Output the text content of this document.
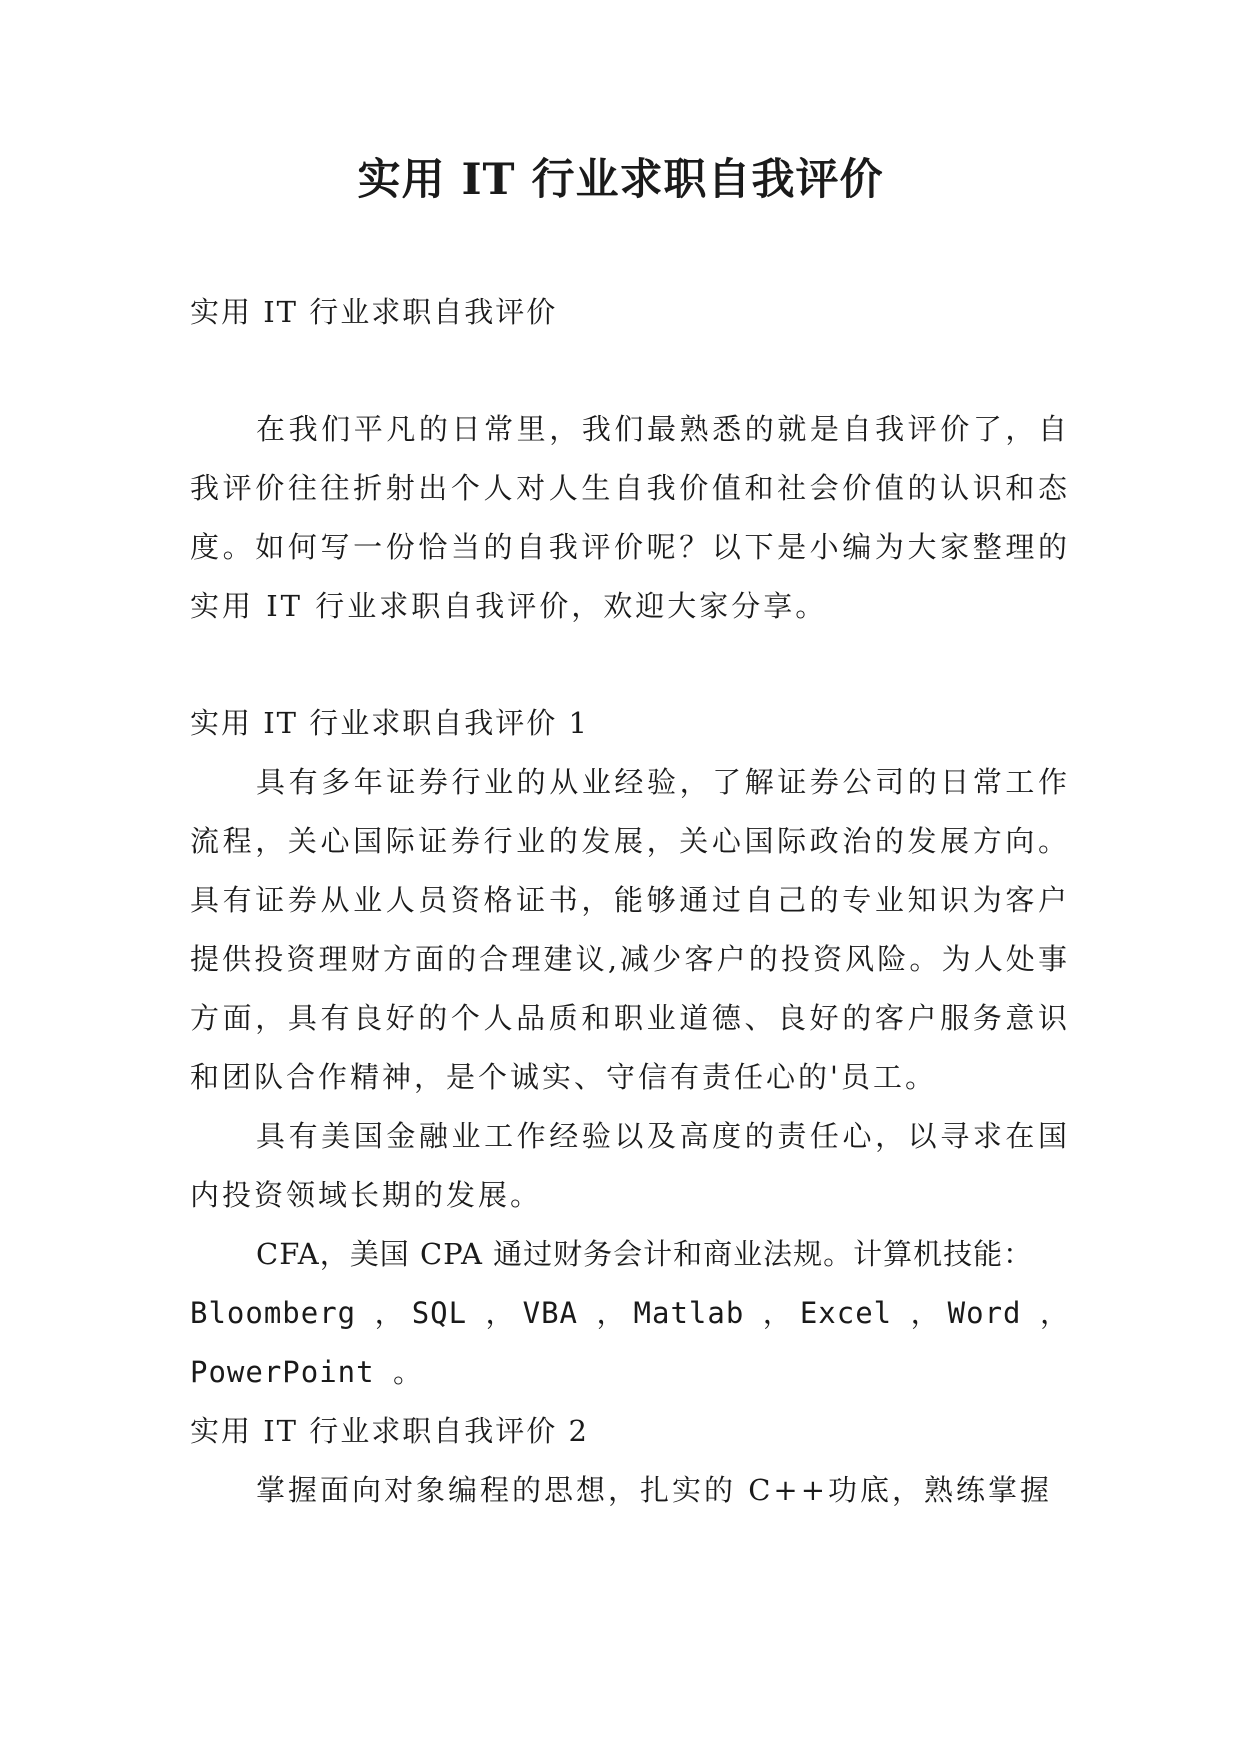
实用 IT 行业求职自我评价

实用 IT 行业求职自我评价

在我们平凡的日常里，我们最熟悉的就是自我评价了，自我评价往往折射出个人对人生自我价值和社会价值的认识和态度。如何写一份恰当的自我评价呢？以下是小编为大家整理的实用 IT 行业求职自我评价，欢迎大家分享。

实用 IT 行业求职自我评价 1

具有多年证券行业的从业经验，了解证券公司的日常工作流程，关心国际证券行业的发展，关心国际政治的发展方向。具有证券从业人员资格证书，能够通过自己的专业知识为客户提供投资理财方面的合理建议,减少客户的投资风险。为人处事方面，具有良好的个人品质和职业道德、良好的客户服务意识和团队合作精神，是个诚实、守信有责任心的'员工。

具有美国金融业工作经验以及高度的责任心，以寻求在国内投资领域长期的发展。

CFA，美国 CPA 通过财务会计和商业法规。计算机技能：

Bloomberg ， SQL ， VBA ， Matlab ， Excel ， Word ，

PowerPoint 。

实用 IT 行业求职自我评价 2

掌握面向对象编程的思想，扎实的 C++功底，熟练掌握
